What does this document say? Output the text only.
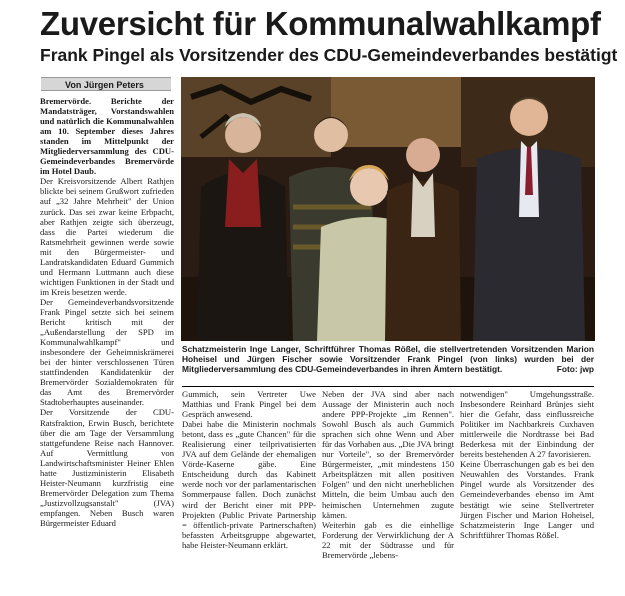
Zuversicht für Kommunalwahlkampf
Frank Pingel als Vorsitzender des CDU-Gemeindeverbandes bestätigt
Von Jürgen Peters

Bremervörde. Berichte der Mandatsträger, Vorstandswahlen und natürlich die Kommunalwahlen am 10. September dieses Jahres standen im Mittelpunkt der Mitgliederversammlung des CDU-Gemeindeverbandes Bremervörde im Hotel Daub.

Der Kreisvorsitzende Albert Rathjen blickte bei seinem Grußwort zufrieden auf „32 Jahre Mehrheit" der Union zurück. Das sei zwar keine Erbpacht, aber Rathjen zeigte sich überzeugt, dass die Partei wiederum die Ratsmehrheit gewinnen werde sowie mit den Bürgermeister- und Landratskandidaten Eduard Gummich und Hermann Luttmann auch diese wichtigen Funktionen in der Stadt und im Kreis besetzen werde.

Der Gemeindeverbandsvorsitzende Frank Pingel setzte sich bei seinem Bericht kritisch mit der „Außendarstellung der SPD im Kommunalwahlkampf" und insbesondere der Geheimniskrämerei bei der hinter verschlossenen Türen stattfindenden Kandidatenkür der Bremervörder Sozialdemokraten für das Amt des Bremervörder Stadtoberhauptes auseinander.

Der Vorsitzende der CDU-Ratsfraktion, Erwin Busch, berichtete über die am Tage der Versammlung stattgefundene Reise nach Hannover. Auf Vermittlung von Landwirtschaftsminister Heiner Ehlen hatte Justizministerin Elisabeth Heister-Neumann kurzfristig eine Bremervörder Delegation zum Thema „Justizvollzugsanstalt" (JVA) empfangen. Neben Busch waren Bürgermeister Eduard

Schatzmeisterin Inge Langer, Schriftführer Thomas Rößel, die stellvertretenden Vorsitzenden Marion Hoheisel und Jürgen Fischer sowie Vorsitzender Frank Pingel (von links) wurden bei der Mitgliederversammlung des CDU-Gemeindeverbandes in ihren Ämtern bestätigt.	Foto: jwp

Gummich, sein Vertreter Uwe Matthias und Frank Pingel bei dem Gespräch anwesend.

Dabei habe die Ministerin nochmals betont, dass es „gute Chancen" für die Realisierung einer teilprivatisierten JVA auf dem Gelände der ehemaligen Vörde-Kaserne gäbe. Eine Entscheidung durch das Kabinett werde noch vor der parlamentarischen Sommerpause fallen. Doch zunächst wird der Bericht einer mit PPP-Projekten (Public Private Partnership = öffentlich-private Partnerschaften) befassten Arbeitsgruppe abgewartet, habe Heister-Neumann erklärt.

Neben der JVA sind aber nach Aussage der Ministerin auch noch andere PPP-Projekte „im Rennen". Sowohl Busch als auch Gummich sprachen sich ohne Wenn und Aber für das Vorhaben aus. „Die JVA bringt nur Vorteile", so der Bremervörder Bürgermeister, „mit mindestens 150 Arbeitsplätzen mit allen positiven Folgen" und den nicht unerheblichen Mitteln, die beim Umbau auch den heimischen Unternehmen zugute kämen.

Weiterhin gab es die einhellige Forderung der Verwirklichung der A 22 mit der Südtrasse und für Bremervörde „lebens-

notwendigen" Umgehungsstraße. Insbesondere Reinhard Brünjes sieht hier die Gefahr, dass einflussreiche Politiker im Nachbarkreis Cuxhaven mittlerweile die Nordtrasse bei Bad Bederkesa mit der Einbindung der bereits bestehenden A 27 favorisieren.

Keine Überraschungen gab es bei den Neuwahlen des Vorstandes. Frank Pingel wurde als Vorsitzender des Gemeindeverbandes ebenso im Amt bestätigt wie seine Stellvertreter Jürgen Fischer und Marion Hoheisel, Schatzmeisterin Inge Langer und Schriftführer Thomas Rößel.
